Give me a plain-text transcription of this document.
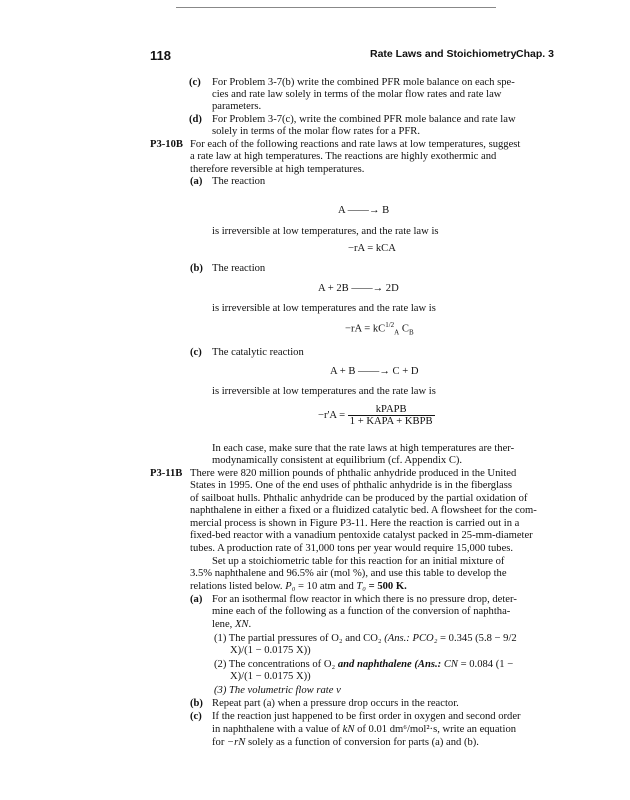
118	Rate Laws and Stoichiometry Chap. 3
(c) For Problem 3-7(b) write the combined PFR mole balance on each spe-
cies and rate law solely in terms of the molar flow rates and rate law
parameters.
(d) For Problem 3-7(c), write the combined PFR mole balance and rate law
solely in terms of the molar flow rates for a PFR.
P3-10B For each of the following reactions and rate laws at low temperatures, suggest
a rate law at high temperatures. The reactions are highly exothermic and
therefore reversible at high temperatures.
(a) The reaction
A ——→ B
is irreversible at low temperatures, and the rate law is
−rA = kCA
(b) The reaction
A + 2B ——→ 2D
is irreversible at low temperatures and the rate law is
$-rA = kC^{1/2}_A$ $C_B$
(c) The catalytic reaction
A + B ——→ C + D
is irreversible at low temperatures and the rate law is
$-r'A = \frac{\text{kPAPB}}{\text{1 + KAPA + KBPB}}$
In each case, make sure that the rate laws at high temperatures are ther-
modynamically consistent at equilibrium (cf. Appendix C).
P3-11B There were 820 million pounds of phthalic anhydride produced in the United
States in 1995. One of the end uses of phthalic anhydride is in the fiberglass
of sailboat hulls. Phthalic anhydride can be produced by the partial oxidation of
naphthalene in either a fixed or a fluidized catalytic bed. A flowsheet for the com-
mercial process is shown in Figure P3-11. Here the reaction is carried out in a
fixed-bed reactor with a vanadium pentoxide catalyst packed in 25-mm-diameter
tubes. A production rate of 31,000 tons per year would require 15,000 tubes.
Set up a stoichiometric table for this reaction for an initial mixture of
3.5% naphthalene and 96.5% air (mol %), and use this table to develop the
relations listed below. P₀ = 10 atm and T₀ = 500 K.
(a) For an isothermal flow reactor in which there is no pressure drop, deter-
mine each of the following as a function of the conversion of naphtha-
lene, XN.
(1) The partial pressures of O₂ and CO₂ (Ans.: PCO₂ = 0.345 (5.8 − 9/2
X)/(1 − 0.0175 X))
(2) The concentrations of O₂ and naphthalene (Ans.: CN = 0.084 (1 −
X)/(1 − 0.0175 X))
(3) The volumetric flow rate v
(b) Repeat part (a) when a pressure drop occurs in the reactor.
(c) If the reaction just happened to be first order in oxygen and second order
in naphthalene with a value of kN of 0.01 dm⁶/mol²·s, write an equation
for −rN solely as a function of conversion for parts (a) and (b).
